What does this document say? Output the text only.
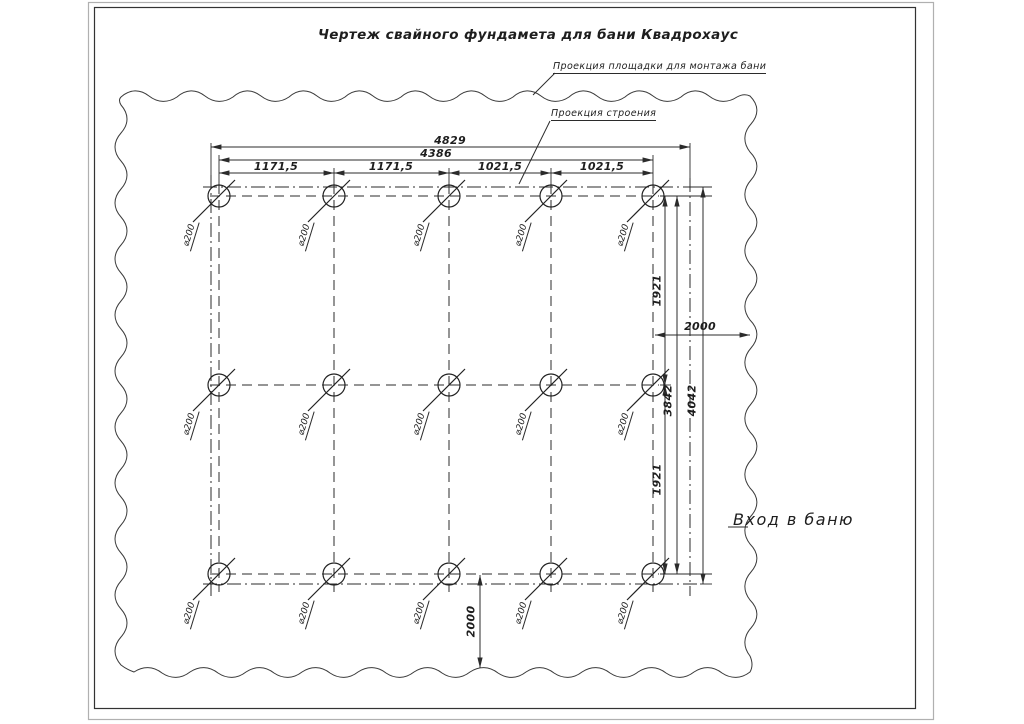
Чертеж свайного фундамета для бани Квадрохаус
Проекция площадки для монтажа бани
Проекция строения
4829
4386
1171,5	1171,5	1021,5	1021,5
1921
1921
3842 4042
2000
2000
Вход в баню
⌀200	⌀200	⌀200	⌀200	⌀200
⌀200	⌀200	⌀200	⌀200	⌀200
⌀200	⌀200	⌀200	⌀200	⌀200
